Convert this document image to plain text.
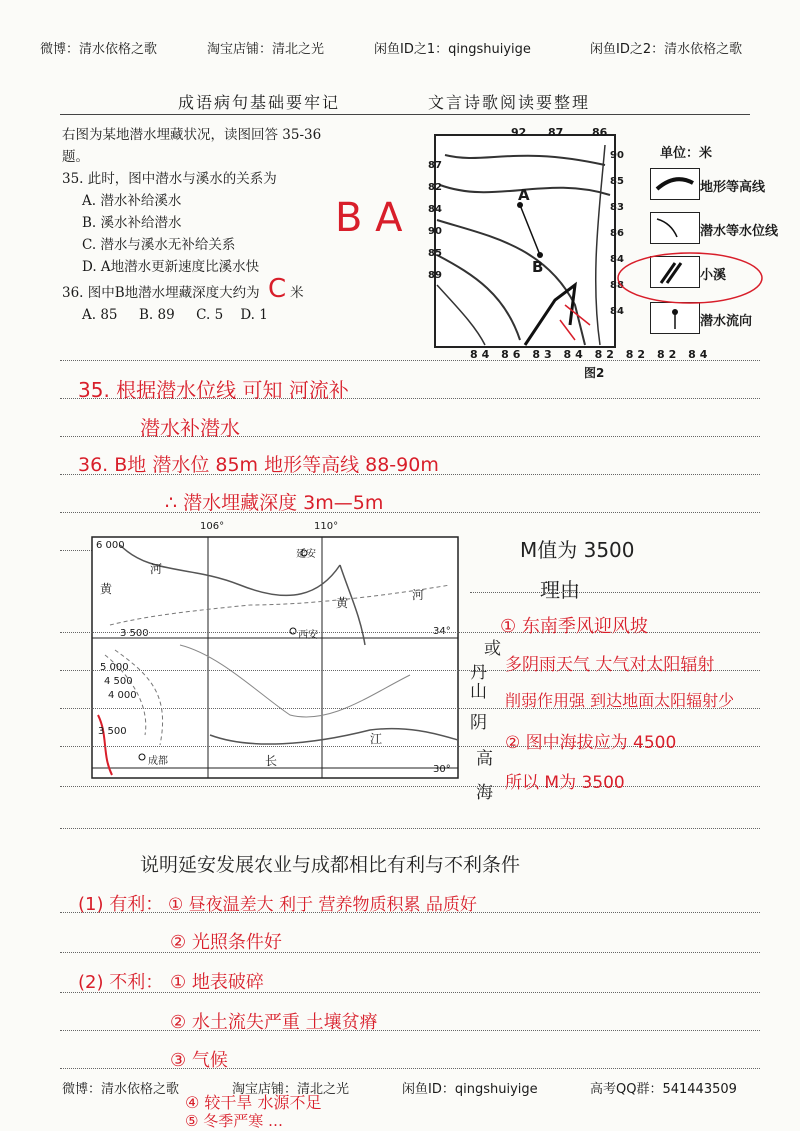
微博：清水依格之歌	淘宝店铺：清北之光	闲鱼ID之1：qingshuiyige	闲鱼ID之2：清水依格之歌
成语病句基础要牢记	文言诗歌阅读要整理
右图为某地潜水埋藏状况，读图回答 35-36
题。
35. 此时，图中潜水与溪水的关系为
A. 潜水补给溪水
B. 溪水补给潜水
C. 潜水与溪水无补给关系
D. A地潜水更新速度比溪水快
36. 图中B地潜水埋藏深度大约为 C 米
A. 85 B. 89 C. 5 D. 1
B A
92 87	86
A
B
84 86 83 84 82 82 82 84
图2
87
82
84
90
85
89
90
85
83
86
84
88
84
单位：米
地形等高线
潜水等水位线
小溪
潜水流向
35. 根据潜水位线 可知 河流补
潜水补潜水
36. B地 潜水位 85m 地形等高线 88-90m
∴ 潜水埋藏深度 3m—5m
106°	110°
34°
30°
延安
西安
成都
黄
河
黄
河
长
江
6 000
3 500
5 000
4 500
4 000
3 500
M值为 3500
理由
或
丹山
阴
高
海
① 东南季风迎风坡
多阴雨天气 大气对太阳辐射
削弱作用强 到达地面太阳辐射少
② 图中海拔应为 4500
所以 M为 3500
说明延安发展农业与成都相比有利与不利条件
(1) 有利： ① 昼夜温差大 利于 营养物质积累 品质好
② 光照条件好
(2) 不利： ① 地表破碎
② 水土流失严重 土壤贫瘠
③ 气候
④ 较干旱 水源不足
⑤ 冬季严寒 …
微博：清水依格之歌	淘宝店铺：清北之光	闲鱼ID：qingshuiyige	高考QQ群：541443509
